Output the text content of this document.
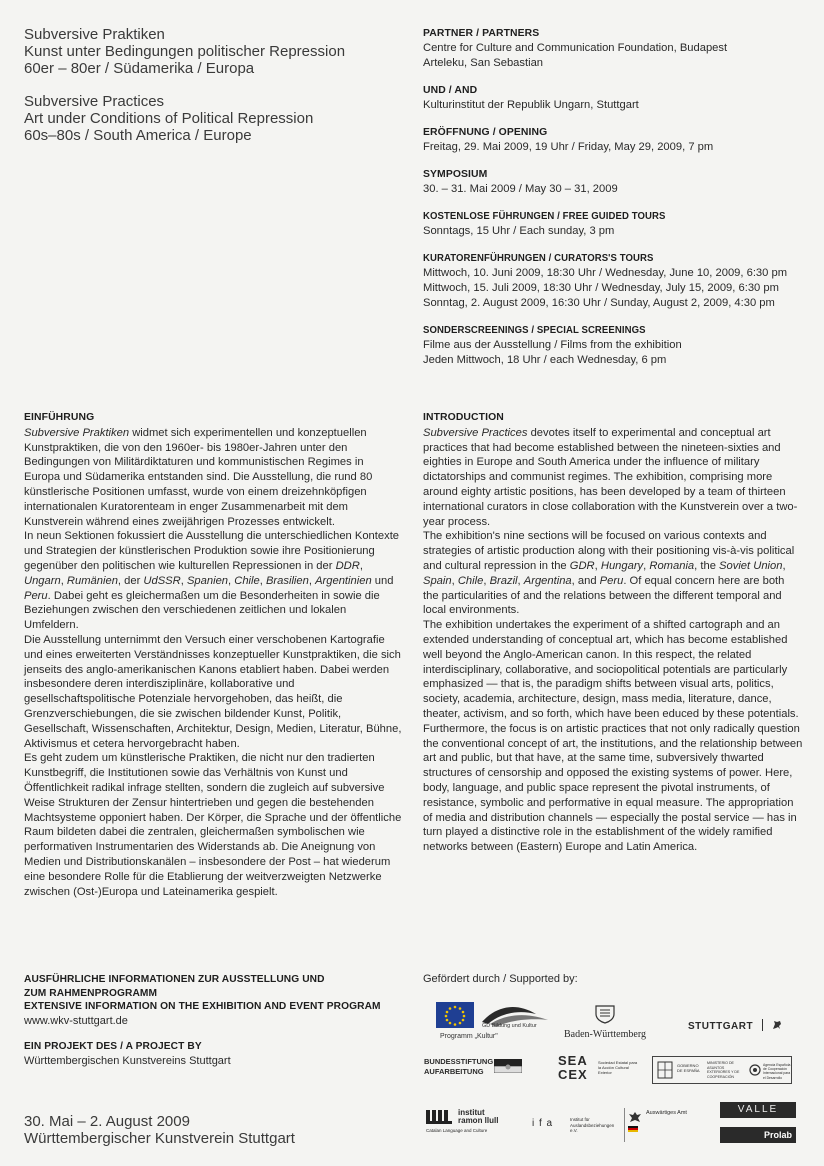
Subversive Praktiken
Kunst unter Bedingungen politischer Repression
60er – 80er / Südamerika / Europa
Subversive Practices
Art under Conditions of Political Repression
60s–80s / South America / Europe
PARTNER / PARTNERS
Centre for Culture and Communication Foundation, Budapest
Arteleku, San Sebastian
UND / AND
Kulturinstitut der Republik Ungarn, Stuttgart
ERÖFFNUNG / OPENING
Freitag, 29. Mai 2009, 19 Uhr / Friday, May 29, 2009, 7 pm
SYMPOSIUM
30. – 31. Mai 2009 / May 30 – 31, 2009
KOSTENLOSE FÜHRUNGEN / FREE GUIDED TOURS
Sonntags, 15 Uhr / Each sunday, 3 pm
KURATORENFÜHRUNGEN / CURATORS'S TOURS
Mittwoch, 10. Juni 2009, 18:30 Uhr / Wednesday, June 10, 2009, 6:30 pm
Mittwoch, 15. Juli 2009, 18:30 Uhr / Wednesday, July 15, 2009, 6:30 pm
Sonntag, 2. August 2009, 16:30 Uhr / Sunday, August 2, 2009, 4:30 pm
SONDERSCREENINGS / SPECIAL SCREENINGS
Filme aus der Ausstellung / Films from the exhibition
Jeden Mittwoch, 18 Uhr / each Wednesday, 6 pm
EINFÜHRUNG

Subversive Praktiken widmet sich experimentellen und konzeptuellen Kunstpraktiken, die von den 1960er- bis 1980er-Jahren unter den Bedingungen von Militärdiktaturen und kommunistischen Regimes in Europa und Südamerika entstanden sind. Die Ausstellung, die rund 80 künstlerische Positionen umfasst, wurde von einem dreizehnköpfigen internationalen Kuratorenteam in enger Zusammenarbeit mit dem Kunstverein während eines zweijährigen Prozesses entwickelt.

In neun Sektionen fokussiert die Ausstellung die unterschiedlichen Kontexte und Strategien der künstlerischen Produktion sowie ihre Positionierung gegenüber den politischen wie kulturellen Repressionen in der DDR, Ungarn, Rumänien, der UdSSR, Spanien, Chile, Brasilien, Argentinien und Peru. Dabei geht es gleichermaßen um die Besonderheiten in sowie die Beziehungen zwischen den verschiedenen zeitlichen und lokalen Umfeldern.

Die Ausstellung unternimmt den Versuch einer verschobenen Kartografie und eines erweiterten Verständnisses konzeptueller Kunstpraktiken, die sich jenseits des anglo-amerikanischen Kanons etabliert haben. Dabei werden insbesondere deren interdisziplinäre, kollaborative und gesellschaftspolitische Potenziale hervorgehoben, das heißt, die Grenzverschiebungen, die sie zwischen bildender Kunst, Politik, Gesellschaft, Wissenschaften, Architektur, Design, Medien, Literatur, Bühne, Aktivismus et cetera hervorgebracht haben.

Es geht zudem um künstlerische Praktiken, die nicht nur den tradierten Kunstbegriff, die Institutionen sowie das Verhältnis von Kunst und Öffentlichkeit radikal infrage stellten, sondern die zugleich auf subversive Weise Strukturen der Zensur hintertrieben und gegen die bestehenden Machtsysteme opponiert haben. Der Körper, die Sprache und der öffentliche Raum bildeten dabei die zentralen, gleichermaßen symbolischen wie performativen Instrumentarien des Widerstands ab. Die Aneignung von Medien und Distributionskanälen – insbesondere der Post – hat wiederum eine besondere Rolle für die Etablierung der weitverzweigten Netzwerke zwischen (Ost-)Europa und Lateinamerika gespielt.

INTRODUCTION

Subversive Practices devotes itself to experimental and conceptual art practices that had become established between the nineteen-sixties and eighties in Europe and South America under the influence of military dictatorships and communist regimes. The exhibition, comprising more around eighty artistic positions, has been developed by a team of thirteen international curators in close collaboration with the Kunstverein over a two-year process.

The exhibition's nine sections will be focused on various contexts and strategies of artistic production along with their positioning vis-à-vis political and cultural repression in the GDR, Hungary, Romania, the Soviet Union, Spain, Chile, Brazil, Argentina, and Peru. Of equal concern here are both the particularities of and the relations between the different temporal and local environments.

The exhibition undertakes the experiment of a shifted cartograph and an extended understanding of conceptual art, which has become established well beyond the Anglo-American canon. In this respect, the related interdisciplinary, collaborative, and sociopolitical potentials are particularly emphasized — that is, the paradigm shifts between visual arts, politics, society, academia, architecture, design, mass media, literature, dance, theater, activism, and so forth, which have been educed by these potentials.

Furthermore, the focus is on artistic practices that not only radically question the conventional concept of art, the institutions, and the relationship between art and public, but that have, at the same time, subversively thwarted structures of censorship and opposed the existing systems of power. Here, body, language, and public space represent the pivotal instruments, of resistance, symbolic and performative in equal measure. The appropriation of media and distribution channels — especially the postal service — has in turn played a distinctive role in the establishment of the widely ramified networks between (Eastern) Europe and Latin America.

AUSFÜHRLICHE INFORMATIONEN ZUR AUSSTELLUNG UND
ZUM RAHMENPROGRAMM
EXTENSIVE INFORMATION ON THE EXHIBITION AND EVENT PROGRAM
www.wkv-stuttgart.de
EIN PROJEKT DES / A PROJECT BY
Württembergischen Kunstvereins Stuttgart
30. Mai – 2. August 2009
Württembergischer Kunstverein Stuttgart
Gefördert durch / Supported by:
GD Bildung und Kultur
Programm „Kultur"	Baden-Württemberg
STUTTGART
BUNDESSTIFTUNG
AUFARBEITUNG
SEA
CEX
Sociedad Estatal para la Acción Cultural Exterior
GOBIERNO DE ESPAÑA
MINISTERIO DE ASUNTOS EXTERIORES Y DE COOPERACIÓN
Agencia Española de Cooperación Internacional para el Desarrollo
institut
ramon llull
Catalan Language and Culture
i f a	Institut für Auslandsbeziehungen e.V.
Auswärtiges Amt	VALLE
Prolab
